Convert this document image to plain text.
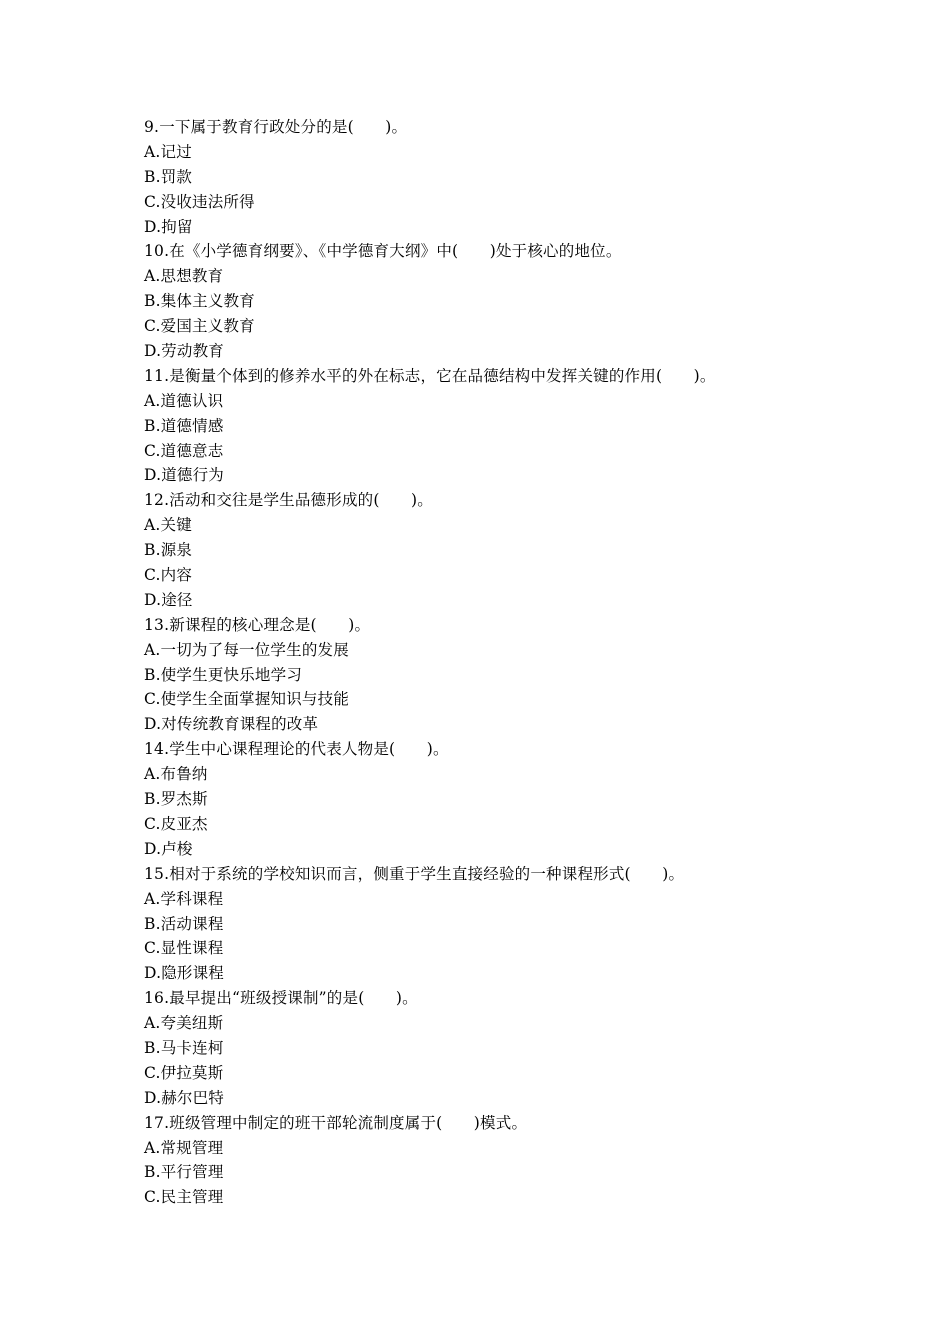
9.一下属于教育行政处分的是(　　)。
A.记过
B.罚款
C.没收违法所得
D.拘留
10.在《小学德育纲要》、《中学德育大纲》中(　　)处于核心的地位。
A.思想教育
B.集体主义教育
C.爱国主义教育
D.劳动教育
11.是衡量个体到的修养水平的外在标志，它在品德结构中发挥关键的作用(　　)。
A.道德认识
B.道德情感
C.道德意志
D.道德行为
12.活动和交往是学生品德形成的(　　)。
A.关键
B.源泉
C.内容
D.途径
13.新课程的核心理念是(　　)。
A.一切为了每一位学生的发展
B.使学生更快乐地学习
C.使学生全面掌握知识与技能
D.对传统教育课程的改革
14.学生中心课程理论的代表人物是(　　)。
A.布鲁纳
B.罗杰斯
C.皮亚杰
D.卢梭
15.相对于系统的学校知识而言，侧重于学生直接经验的一种课程形式(　　)。
A.学科课程
B.活动课程
C.显性课程
D.隐形课程
16.最早提出“班级授课制”的是(　　)。
A.夸美纽斯
B.马卡连柯
C.伊拉莫斯
D.赫尔巴特
17.班级管理中制定的班干部轮流制度属于(　　)模式。
A.常规管理
B.平行管理
C.民主管理
